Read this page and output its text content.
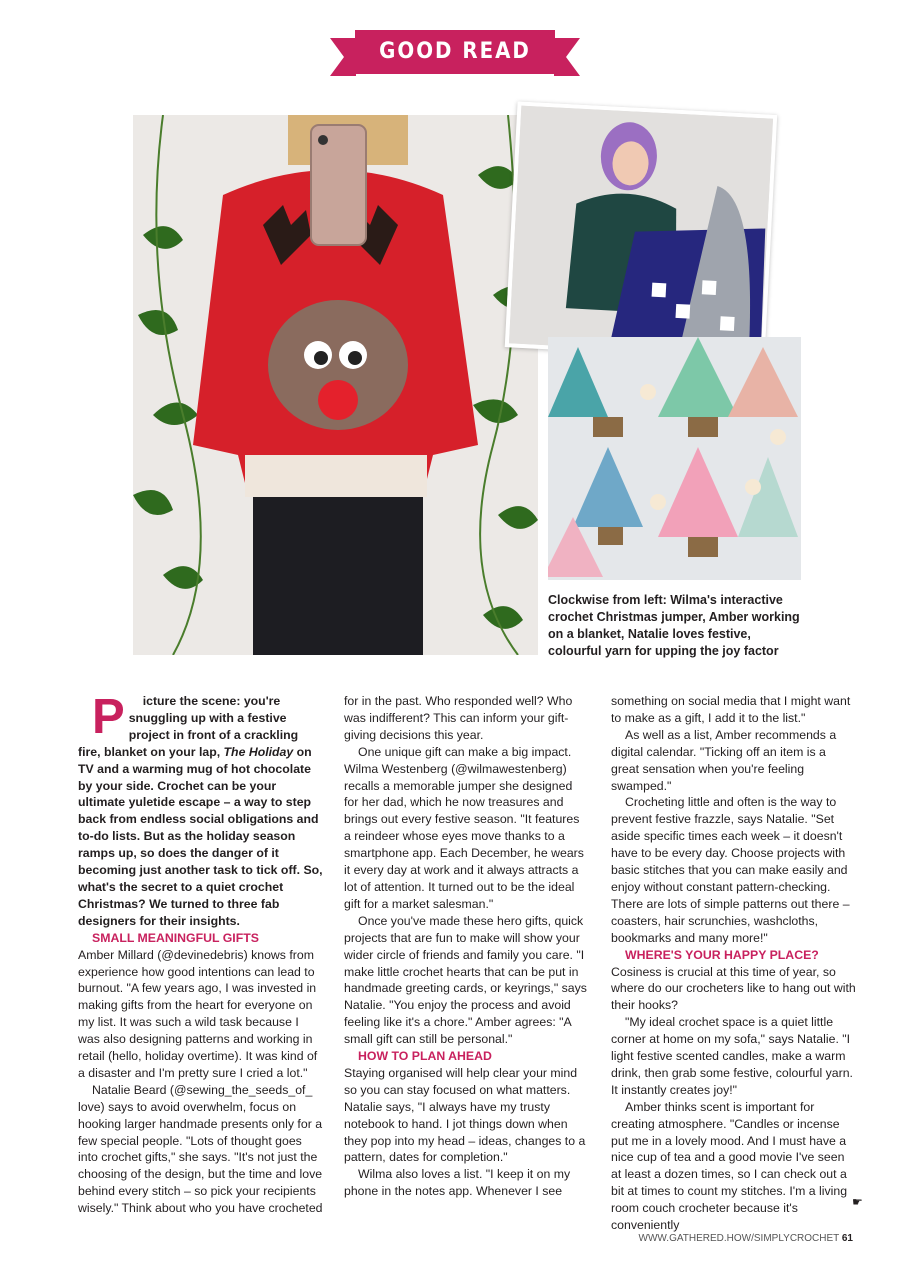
GOOD READ

Clockwise from left: Wilma's interactive crochet Christmas jumper, Amber working on a blanket, Natalie loves festive, colourful yarn for upping the joy factor

P icture the scene: you're snuggling up with a festive project in front of a crackling fire, blanket on your lap, The Holiday on TV and a warming mug of hot chocolate by your side. Crochet can be your ultimate yuletide escape – a way to step back from endless social obligations and to-do lists. But as the holiday season ramps up, so does the danger of it becoming just another task to tick off. So, what's the secret to a quiet crochet Christmas? We turned to three fab designers for their insights.

SMALL MEANINGFUL GIFTS

Amber Millard (@devinedebris) knows from experience how good intentions can lead to burnout. "A few years ago, I was invested in making gifts from the heart for everyone on my list. It was such a wild task because I was also designing patterns and working in retail (hello, holiday overtime). It was kind of a disaster and I'm pretty sure I cried a lot."

Natalie Beard (@sewing_the_seeds_of_ love) says to avoid overwhelm, focus on hooking larger handmade presents only for a few special people. "Lots of thought goes into crochet gifts," she says. "It's not just the choosing of the design, but the time and love behind every stitch – so pick your recipients wisely." Think about who you have crocheted

for in the past. Who responded well? Who was indifferent? This can inform your gift-giving decisions this year.

One unique gift can make a big impact. Wilma Westenberg (@wilmawestenberg) recalls a memorable jumper she designed for her dad, which he now treasures and brings out every festive season. "It features a reindeer whose eyes move thanks to a smartphone app. Each December, he wears it every day at work and it always attracts a lot of attention. It turned out to be the ideal gift for a market salesman."

Once you've made these hero gifts, quick projects that are fun to make will show your wider circle of friends and family you care. "I make little crochet hearts that can be put in handmade greeting cards, or keyrings," says Natalie. "You enjoy the process and avoid feeling like it's a chore." Amber agrees: "A small gift can still be personal."

HOW TO PLAN AHEAD

Staying organised will help clear your mind so you can stay focused on what matters. Natalie says, "I always have my trusty notebook to hand. I jot things down when they pop into my head – ideas, changes to a pattern, dates for completion."

Wilma also loves a list. "I keep it on my phone in the notes app. Whenever I see

something on social media that I might want to make as a gift, I add it to the list."

As well as a list, Amber recommends a digital calendar. "Ticking off an item is a great sensation when you're feeling swamped."

Crocheting little and often is the way to prevent festive frazzle, says Natalie. "Set aside specific times each week – it doesn't have to be every day. Choose projects with basic stitches that you can make easily and enjoy without constant pattern-checking. There are lots of simple patterns out there – coasters, hair scrunchies, washcloths, bookmarks and many more!"

WHERE'S YOUR HAPPY PLACE?

Cosiness is crucial at this time of year, so where do our crocheters like to hang out with their hooks?

"My ideal crochet space is a quiet little corner at home on my sofa," says Natalie. "I light festive scented candles, make a warm drink, then grab some festive, colourful yarn. It instantly creates joy!"

Amber thinks scent is important for creating atmosphere. "Candles or incense put me in a lovely mood. And I must have a nice cup of tea and a good movie I've seen at least a dozen times, so I can check out a bit at times to count my stitches. I'm a living room couch crocheter because it's conveniently

☛
WWW.GATHERED.HOW/SIMPLYCROCHET 61
